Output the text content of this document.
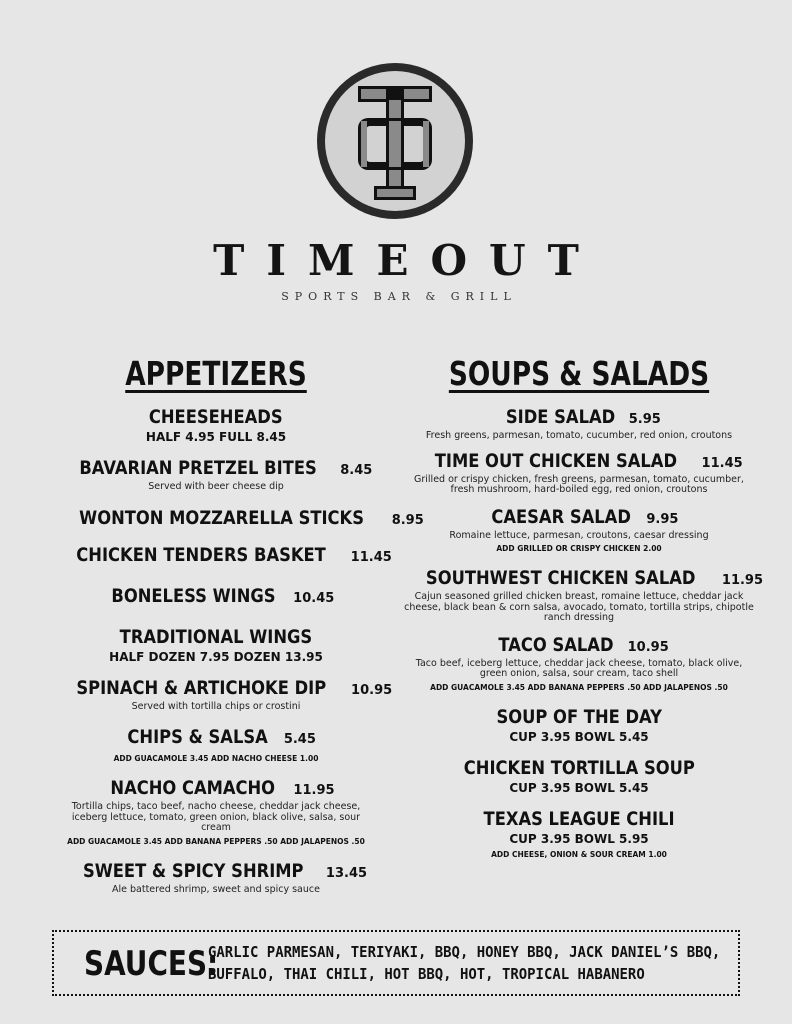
TIMEOUT
SPORTS BAR & GRILL
APPETIZERS
CHEESEHEADS
HALF 4.95 FULL 8.45
BAVARIAN PRETZEL BITES 8.45
Served with beer cheese dip
WONTON MOZZARELLA STICKS 8.95
CHICKEN TENDERS BASKET 11.45
BONELESS WINGS 10.45
TRADITIONAL WINGS
HALF DOZEN 7.95 DOZEN 13.95
SPINACH & ARTICHOKE DIP 10.95
Served with tortilla chips or crostini
CHIPS & SALSA 5.45
ADD GUACAMOLE 3.45 ADD NACHO CHEESE 1.00
NACHO CAMACHO 11.95
Tortilla chips, taco beef, nacho cheese, cheddar jack cheese, iceberg lettuce, tomato, green onion, black olive, salsa, sour cream
ADD GUACAMOLE 3.45 ADD BANANA PEPPERS .50 ADD JALAPENOS .50
SWEET & SPICY SHRIMP 13.45
Ale battered shrimp, sweet and spicy sauce
SOUPS & SALADS
SIDE SALAD 5.95
Fresh greens, parmesan, tomato, cucumber, red onion, croutons
TIME OUT CHICKEN SALAD 11.45
Grilled or crispy chicken, fresh greens, parmesan, tomato, cucumber, fresh mushroom, hard-boiled egg, red onion, croutons
CAESAR SALAD 9.95
Romaine lettuce, parmesan, croutons, caesar dressing
ADD GRILLED OR CRISPY CHICKEN 2.00
SOUTHWEST CHICKEN SALAD 11.95
Cajun seasoned grilled chicken breast, romaine lettuce, cheddar jack cheese, black bean & corn salsa, avocado, tomato, tortilla strips, chipotle ranch dressing
TACO SALAD 10.95
Taco beef, iceberg lettuce, cheddar jack cheese, tomato, black olive, green onion, salsa, sour cream, taco shell
ADD GUACAMOLE 3.45 ADD BANANA PEPPERS .50 ADD JALAPENOS .50
SOUP OF THE DAY
CUP 3.95 BOWL 5.45
CHICKEN TORTILLA SOUP
CUP 3.95 BOWL 5.45
TEXAS LEAGUE CHILI
CUP 3.95 BOWL 5.95
ADD CHEESE, ONION & SOUR CREAM 1.00
SAUCES:
GARLIC PARMESAN, TERIYAKI, BBQ, HONEY BBQ, JACK DANIEL’S BBQ,
BUFFALO, THAI CHILI, HOT BBQ, HOT, TROPICAL HABANERO
